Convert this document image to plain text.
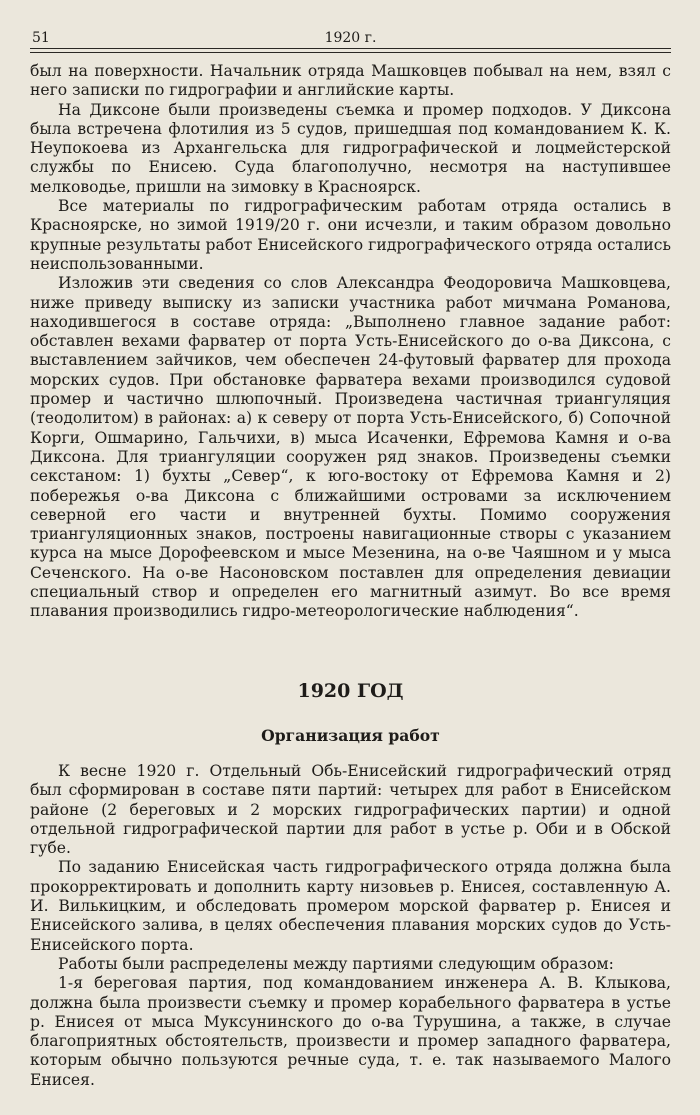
51	1920 г.

был на поверхности. Начальник отряда Машковцев побывал на нем, взял с него записки по гидрографии и английские карты.

На Диксоне были произведены съемка и промер подходов. У Диксона была встречена флотилия из 5 судов, пришедшая под командованием К. К. Неупокоева из Архангельска для гидрографической и лоцмейстерской службы по Енисею. Суда благополучно, несмотря на наступившее мелководье, пришли на зимовку в Красноярск.

Все материалы по гидрографическим работам отряда остались в Красноярске, но зимой 1919/20 г. они исчезли, и таким образом довольно крупные результаты работ Енисейского гидрографического отряда остались неиспользованными.

Изложив эти сведения со слов Александра Феодоровича Машковцева, ниже приведу выписку из записки участника работ мичмана Романова, находившегося в составе отряда: „Выполнено главное задание работ: обставлен вехами фарватер от порта Усть-Енисейского до о-ва Диксона, с выставлением зайчиков, чем обеспечен 24-футовый фарватер для прохода морских судов. При обстановке фарватера вехами производился судовой промер и частично шлюпочный. Произведена частичная триангуляция (теодолитом) в районах: а) к северу от порта Усть-Енисейского, б) Сопочной Корги, Ошмарино, Гальчихи, в) мыса Исаченки, Ефремова Камня и о-ва Диксона. Для триангуляции сооружен ряд знаков. Произведены съемки секстаном: 1) бухты „Север“, к юго-востоку от Ефремова Камня и 2) побережья о-ва Диксона с ближайшими островами за исключением северной его части и внутренней бухты. Помимо сооружения триангуляционных знаков, построены навигационные створы с указанием курса на мысе Дорофеевском и мысе Мезенина, на о-ве Чаяшном и у мыса Сеченского. На о-ве Насоновском поставлен для определения девиации специальный створ и определен его магнитный азимут. Во все время плавания производились гидро-метеорологические наблюдения“.

1920 ГОД
Организация работ

К весне 1920 г. Отдельный Обь-Енисейский гидрографический отряд был сформирован в составе пяти партий: четырех для работ в Енисейском районе (2 береговых и 2 морских гидрографических партии) и одной отдельной гидрографической партии для работ в устье р. Оби и в Обской губе.

По заданию Енисейская часть гидрографического отряда должна была прокорректировать и дополнить карту низовьев р. Енисея, составленную А. И. Вилькицким, и обследовать промером морской фарватер р. Енисея и Енисейского залива, в целях обеспечения плавания морских судов до Усть-Енисейского порта.

Работы были распределены между партиями следующим образом:

1-я береговая партия, под командованием инженера А. В. Клыкова, должна была произвести съемку и промер корабельного фарватера в устье р. Енисея от мыса Муксунинского до о-ва Турушина, а также, в случае благоприятных обстоятельств, произвести и промер западного фарватера, которым обычно пользуются речные суда, т. е. так называемого Малого Енисея.
